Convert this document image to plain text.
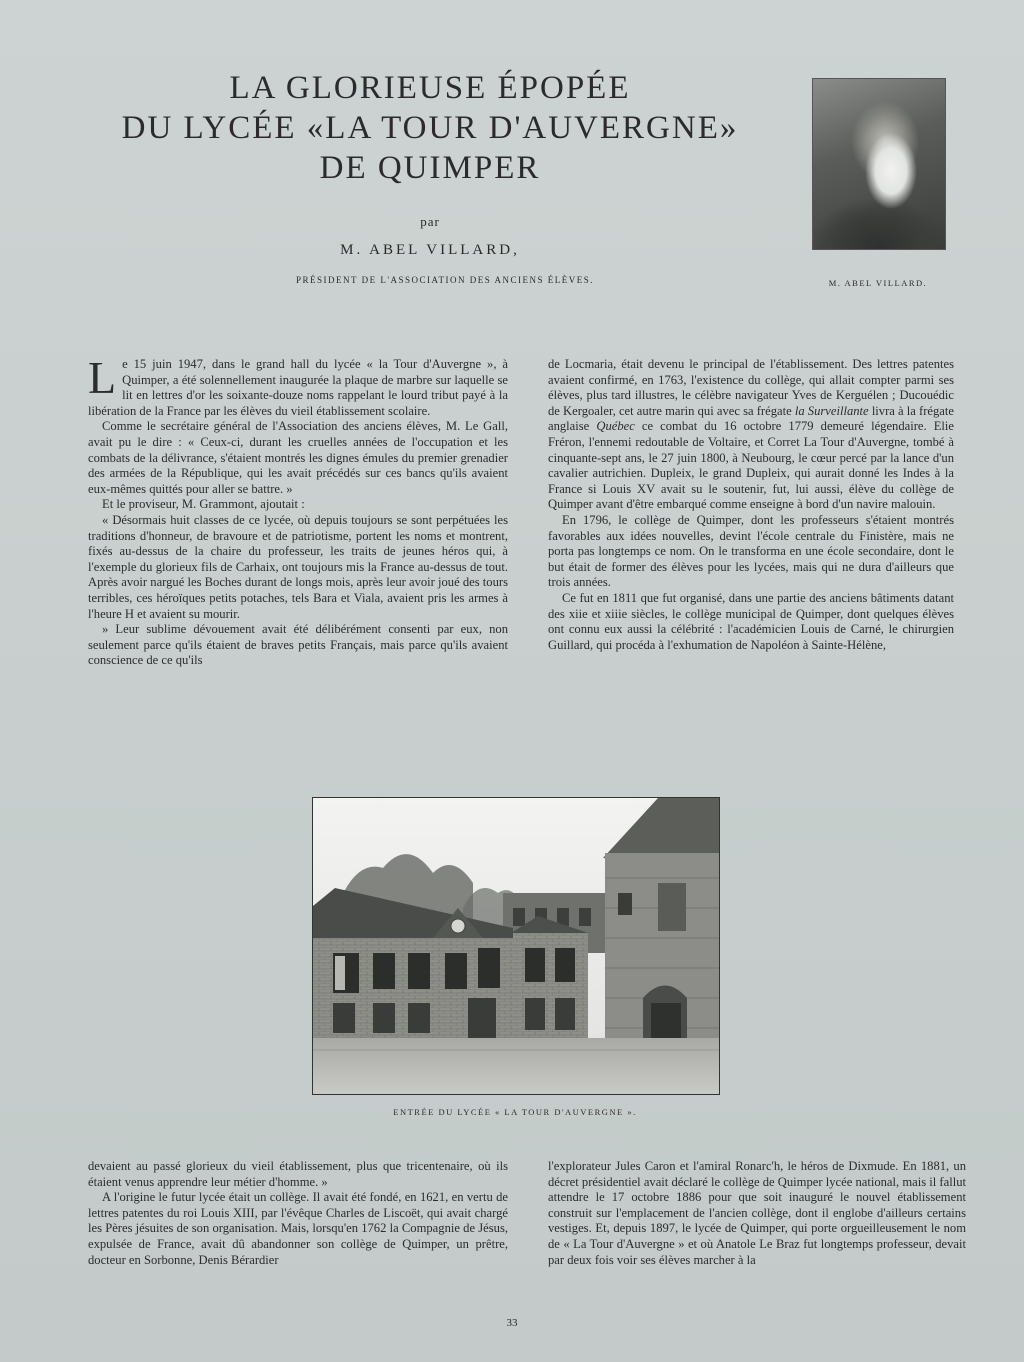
LA GLORIEUSE ÉPOPÉE
DU LYCÉE «LA TOUR D'AUVERGNE»
DE QUIMPER
par
M. ABEL VILLARD,
PRÉSIDENT DE L'ASSOCIATION DES ANCIENS ÉLÈVES.	M. ABEL VILLARD.

Le 15 juin 1947, dans le grand hall du lycée « la Tour d'Auvergne », à Quimper, a été solennellement inaugurée la plaque de marbre sur laquelle se lit en lettres d'or les soixante-douze noms rappelant le lourd tribut payé à la libération de la France par les élèves du vieil établissement scolaire.

Comme le secrétaire général de l'Association des anciens élèves, M. Le Gall, avait pu le dire : « Ceux-ci, durant les cruelles années de l'occupation et les combats de la délivrance, s'étaient montrés les dignes émules du premier grenadier des armées de la République, qui les avait précédés sur ces bancs qu'ils avaient eux-mêmes quittés pour aller se battre. »

Et le proviseur, M. Grammont, ajoutait :

« Désormais huit classes de ce lycée, où depuis toujours se sont perpétuées les traditions d'honneur, de bravoure et de patriotisme, portent les noms et montrent, fixés au-dessus de la chaire du professeur, les traits de jeunes héros qui, à l'exemple du glorieux fils de Carhaix, ont toujours mis la France au-dessus de tout. Après avoir nargué les Boches durant de longs mois, après leur avoir joué des tours terribles, ces héroïques petits potaches, tels Bara et Viala, avaient pris les armes à l'heure H et avaient su mourir.

» Leur sublime dévouement avait été délibérément consenti par eux, non seulement parce qu'ils étaient de braves petits Français, mais parce qu'ils avaient conscience de ce qu'ils

de Locmaria, était devenu le principal de l'établissement. Des lettres patentes avaient confirmé, en 1763, l'existence du collège, qui allait compter parmi ses élèves, plus tard illustres, le célèbre navigateur Yves de Kerguélen ; Ducouédic de Kergoaler, cet autre marin qui avec sa frégate la Surveillante livra à la frégate anglaise Québec ce combat du 16 octobre 1779 demeuré légendaire. Elie Fréron, l'ennemi redoutable de Voltaire, et Corret La Tour d'Auvergne, tombé à cinquante-sept ans, le 27 juin 1800, à Neubourg, le cœur percé par la lance d'un cavalier autrichien. Dupleix, le grand Dupleix, qui aurait donné les Indes à la France si Louis XV avait su le soutenir, fut, lui aussi, élève du collège de Quimper avant d'être embarqué comme enseigne à bord d'un navire malouin.

En 1796, le collège de Quimper, dont les professeurs s'étaient montrés favorables aux idées nouvelles, devint l'école centrale du Finistère, mais ne porta pas longtemps ce nom. On le transforma en une école secondaire, dont le but était de former des élèves pour les lycées, mais qui ne dura d'ailleurs que trois années.

Ce fut en 1811 que fut organisé, dans une partie des anciens bâtiments datant des xiie et xiiie siècles, le collège municipal de Quimper, dont quelques élèves ont connu eux aussi la célébrité : l'académicien Louis de Carné, le chirurgien Guillard, qui procéda à l'exhumation de Napoléon à Sainte-Hélène,

ENTRÉE DU LYCÉE « LA TOUR D'AUVERGNE ».

devaient au passé glorieux du vieil établissement, plus que tricentenaire, où ils étaient venus apprendre leur métier d'homme. »

A l'origine le futur lycée était un collège. Il avait été fondé, en 1621, en vertu de lettres patentes du roi Louis XIII, par l'évêque Charles de Liscoët, qui avait chargé les Pères jésuites de son organisation. Mais, lorsqu'en 1762 la Compagnie de Jésus, expulsée de France, avait dû abandonner son collège de Quimper, un prêtre, docteur en Sorbonne, Denis Bérardier

l'explorateur Jules Caron et l'amiral Ronarc'h, le héros de Dixmude. En 1881, un décret présidentiel avait déclaré le collège de Quimper lycée national, mais il fallut attendre le 17 octobre 1886 pour que soit inauguré le nouvel établissement construit sur l'emplacement de l'ancien collège, dont il englobe d'ailleurs certains vestiges. Et, depuis 1897, le lycée de Quimper, qui porte orgueilleusement le nom de « La Tour d'Auvergne » et où Anatole Le Braz fut longtemps professeur, devait par deux fois voir ses élèves marcher à la

33
